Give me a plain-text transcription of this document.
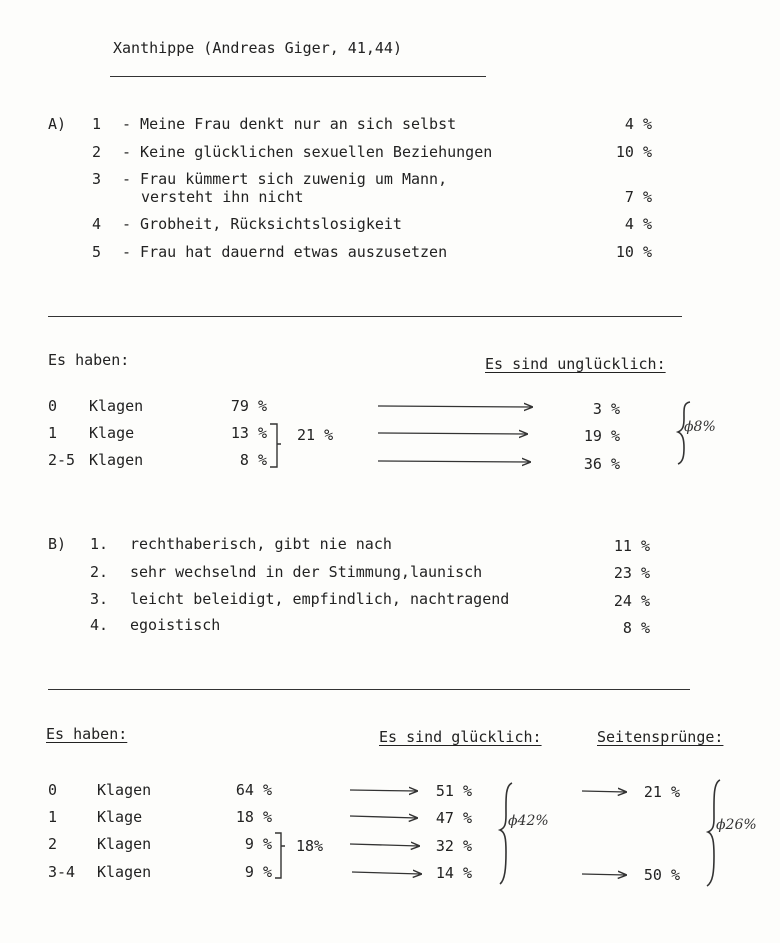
Xanthippe (Andreas Giger, 41,44)
A) 1 - Meine Frau denkt nur an sich selbst	4 %
2 - Keine glücklichen sexuellen Beziehungen	10 %
3 - Frau kümmert sich zuwenig um Mann,
versteht ihn nicht	7 %
4 - Grobheit, Rücksichtslosigkeit	4 %
5 - Frau hat dauernd etwas auszusetzen	10 %
Es haben:	Es sind unglücklich:
0 Klagen	79 %	3 %
1 Klage	13 %	19 %
2-5 Klagen	8 %	36 %
21 %	ϕ8%
B) 1. rechthaberisch, gibt nie nach	11 %
2. sehr wechselnd in der Stimmung,launisch	23 %
3. leicht beleidigt, empfindlich, nachtragend	24 %
4. egoistisch	8 %
Es haben:	Es sind glücklich:	Seitensprünge:
0	Klagen	64 %	51 %	21 %
1	Klage	18 %	47 %
2	Klagen	9 %	32 %
3-4 Klagen	9 %	14 %	50 %
18%
ϕ42%	ϕ26%
